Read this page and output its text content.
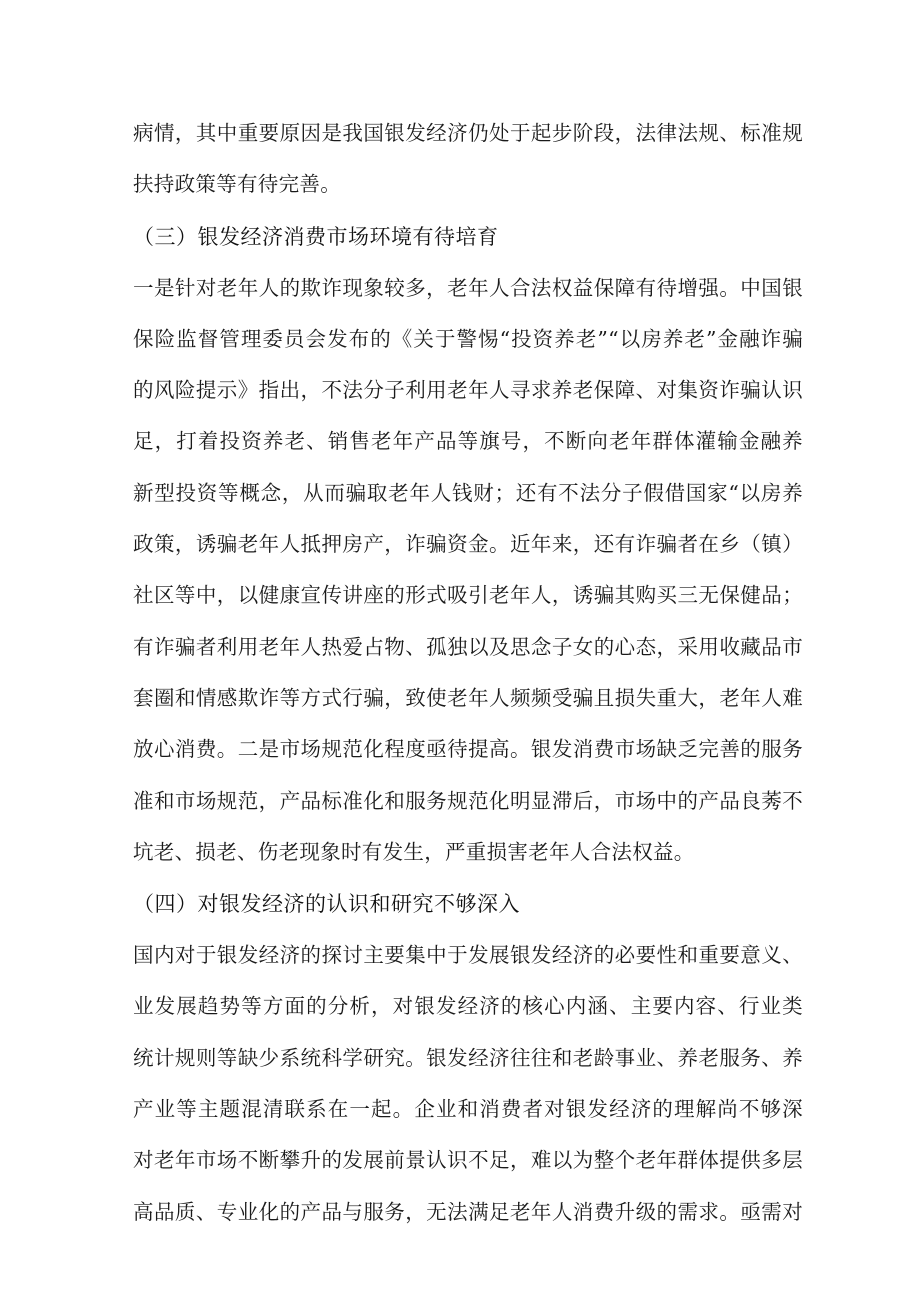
病情，其中重要原因是我国银发经济仍处于起步阶段，法律法规、标准规
扶持政策等有待完善。
（三）银发经济消费市场环境有待培育
一是针对老年人的欺诈现象较多，老年人合法权益保障有待增强。中国银
保险监督管理委员会发布的《关于警惕“投资养老”“以房养老”金融诈骗
的风险提示》指出，不法分子利用老年人寻求养老保障、对集资诈骗认识
足，打着投资养老、销售老年产品等旗号，不断向老年群体灌输金融养
新型投资等概念，从而骗取老年人钱财；还有不法分子假借国家“以房养
政策，诱骗老年人抵押房产，诈骗资金。近年来，还有诈骗者在乡（镇）
社区等中，以健康宣传讲座的形式吸引老年人，诱骗其购买三无保健品；
有诈骗者利用老年人热爱占物、孤独以及思念子女的心态，采用收藏品市
套圈和情感欺诈等方式行骗，致使老年人频频受骗且损失重大，老年人难
放心消费。二是市场规范化程度亟待提高。银发消费市场缺乏完善的服务
准和市场规范，产品标准化和服务规范化明显滞后，市场中的产品良莠不
坑老、损老、伤老现象时有发生，严重损害老年人合法权益。
（四）对银发经济的认识和研究不够深入
国内对于银发经济的探讨主要集中于发展银发经济的必要性和重要意义、
业发展趋势等方面的分析，对银发经济的核心内涵、主要内容、行业类
统计规则等缺少系统科学研究。银发经济往往和老龄事业、养老服务、养
产业等主题混清联系在一起。企业和消费者对银发经济的理解尚不够深
对老年市场不断攀升的发展前景认识不足，难以为整个老年群体提供多层
高品质、专业化的产品与服务，无法满足老年人消费升级的需求。亟需对
